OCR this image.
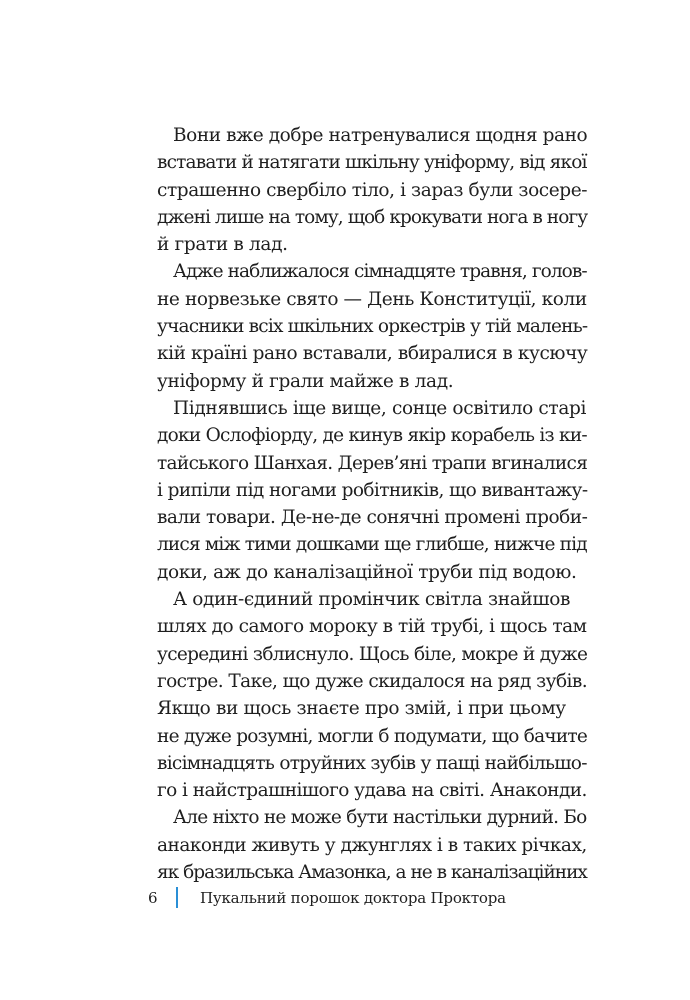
Вони вже добре натренувалися щодня рано
вставати й натягати шкільну уніформу, від якої
страшенно свербіло тіло, і зараз були зосере-
джені лише на тому, щоб крокувати нога в ногу
й грати в лад.
Адже наближалося сімнадцяте травня, голов-
не норвезьке свято — День Конституції, коли
учасники всіх шкільних оркестрів у тій малень-
кій країні рано вставали, вбиралися в кусючу
уніформу й грали майже в лад.
Піднявшись іще вище, сонце освітило старі
доки Ослофіорду, де кинув якір корабель із ки-
тайського Шанхая. Дерев’яні трапи вгиналися
і рипіли під ногами робітників, що вивантажу-
вали товари. Де-не-де сонячні промені проби-
лися між тими дошками ще глибше, нижче під
доки, аж до каналізаційної труби під водою.
А один-єдиний промінчик світла знайшов
шлях до самого мороку в тій трубі, і щось там
усередині зблиснуло. Щось біле, мокре й дуже
гостре. Таке, що дуже скидалося на ряд зубів.
Якщо ви щось знаєте про змій, і при цьому
не дуже розумні, могли б подумати, що бачите
вісімнадцять отруйних зубів у пащі найбільшо-
го і найстрашнішого удава на світі. Анаконди.
Але ніхто не може бути настільки дурний. Бо
анаконди живуть у джунглях і в таких річках,
як бразильська Амазонка, а не в каналізаційних
6	Пукальний порошок доктора Проктора
